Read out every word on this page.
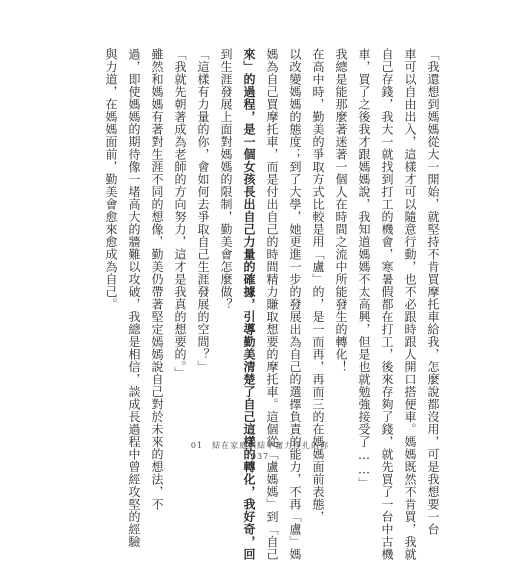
「我還想到媽媽從大一開始，就堅持不肯買摩托車給我，怎麼說都沒用，可是我想要一台
車可以自由出入，這樣才可以隨意行動，也不必跟時跟人開口搭便車。媽媽既然不肯買，我就
自己存錢，我大一就找到打工的機會，寒暑假都在打工，後來存夠了錢，就先買了一台中古機
車，買了之後我才跟媽媽說，我知道媽媽不太高興，但是也就勉強接受了……」
我總是能那麼著迷著一個人在時間之流中所能發生的轉化！
在高中時，勤美的爭取方式比較是用「盧」的，是一而再，再而三的在媽媽面前表態，
以改變媽媽的態度；到了大學，她更進一步的發展出為自己的選擇負責的能力，不再「盧」媽
媽為自己買摩托車，而是付出自己的時間精力賺取想要的摩托車。這個從「盧媽媽」到「自己
來」的過程，是一個女孩長出自己力量的確據，引導勤美清楚了自己這樣的轉化，我好奇，回
到生涯發展上面對媽媽的限制，勤美會怎麼做？
「這樣有力量的你，會如何去爭取自己生涯發展的空間？」
「我就先朝著成為老師的方向努力，這才是我真的想要的。」
雖然和媽媽有著對生涯不同的想像，勤美仍帶著堅定嫣嫣說自己對於未來的想法，不
過，即使媽媽的期待像一堵高大的牆難以攻破，我總是相信，談成長過程中曾經攻堅的經驗
與力道，在媽媽面前，勤美會愈來愈成為自己。
01　結在家庭糾結中奮力掙扎的你
037
